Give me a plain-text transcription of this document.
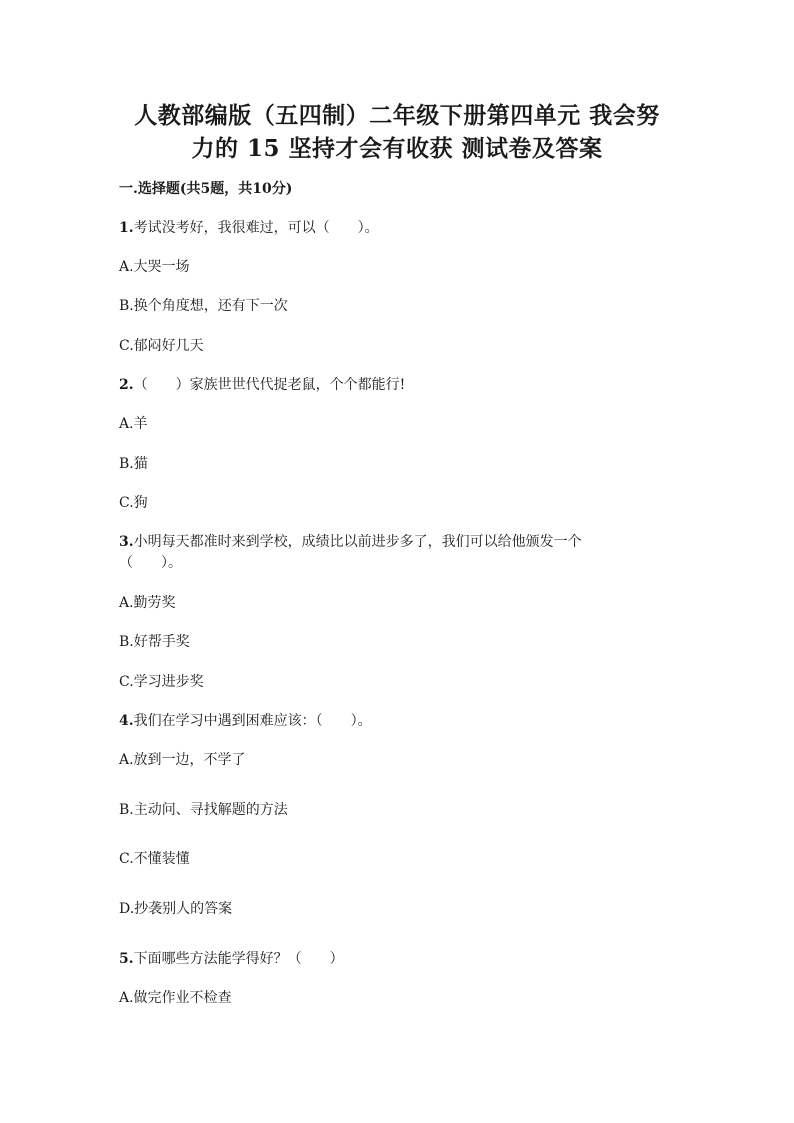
人教部编版（五四制）二年级下册第四单元 我会努
力的 15 坚持才会有收获 测试卷及答案
一.选择题(共5题，共10分)
1.考试没考好，我很难过，可以（　　）。
A.大哭一场
B.换个角度想，还有下一次
C.郁闷好几天
2.（　　）家族世世代代捉老鼠，个个都能行!
A.羊
B.猫
C.狗
3.小明每天都准时来到学校，成绩比以前进步多了，我们可以给他颁发一个
（　　）。
A.勤劳奖
B.好帮手奖
C.学习进步奖
4.我们在学习中遇到困难应该：（　　）。
A.放到一边，不学了
B.主动问、寻找解题的方法
C.不懂装懂
D.抄袭别人的答案
5.下面哪些方法能学得好？（　　）
A.做完作业不检查
